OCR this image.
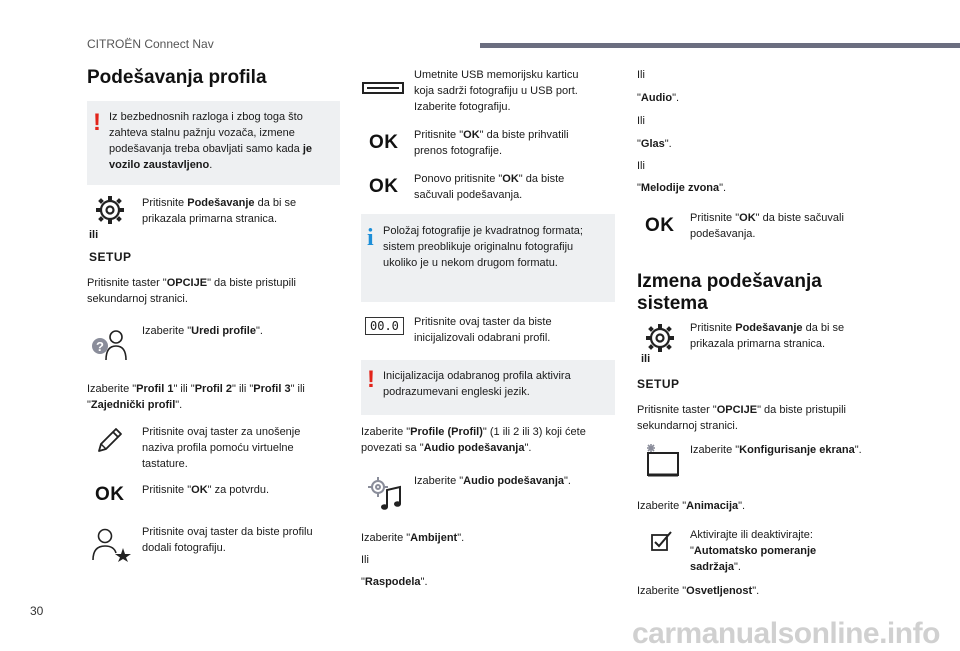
CITROËN Connect Nav
Podešavanja profila
! Iz bezbednosnih razloga i zbog toga što
zahteva stalnu pažnju vozača, izmene
podešavanja treba obavljati samo kada je
vozilo zaustavljeno.
ili
SETUP
Pritisnite Podešavanje da bi se
prikazala primarna stranica.
Pritisnite taster "OPCIJE" da biste pristupili
sekundarnoj stranici.
?
Izaberite "Uredi profile".
Izaberite "Profil 1" ili "Profil 2" ili "Profil 3" ili
"Zajednički profil".
Pritisnite ovaj taster za unošenje
naziva profila pomoću virtuelne
tastature.
OK Pritisnite "OK" za potvrdu.
Pritisnite ovaj taster da biste profilu
dodali fotografiju.
Umetnite USB memorijsku karticu
koja sadrži fotografiju u USB port.
Izaberite fotografiju.
OK Pritisnite "OK" da biste prihvatili
prenos fotografije.
OK Ponovo pritisnite "OK" da biste
sačuvali podešavanja.
i Položaj fotografije je kvadratnog formata;
sistem preoblikuje originalnu fotografiju
ukoliko je u nekom drugom formatu.
00.0	Pritisnite ovaj taster da biste
inicijalizovali odabrani profil.
! Inicijalizacija odabranog profila aktivira
podrazumevani engleski jezik.
Izaberite "Profile (Profil)" (1 ili 2 ili 3) koji ćete
povezati sa "Audio podešavanja".
Izaberite "Audio podešavanja".
Izaberite "Ambijent".
Ili
"Raspodela".
Ili
"Audio".
Ili
"Glas".
Ili
"Melodije zvona".
OK Pritisnite "OK" da biste sačuvali
podešavanja.
Izmena podešavanja
sistema
ili
SETUP
Pritisnite Podešavanje da bi se
prikazala primarna stranica.
Pritisnite taster "OPCIJE" da biste pristupili
sekundarnoj stranici.
Izaberite "Konfigurisanje ekrana".
Izaberite "Animacija".
Aktivirajte ili deaktivirajte:
"Automatsko pomeranje
sadržaja".
Izaberite "Osvetljenost".
30
carmanualsonline.info
